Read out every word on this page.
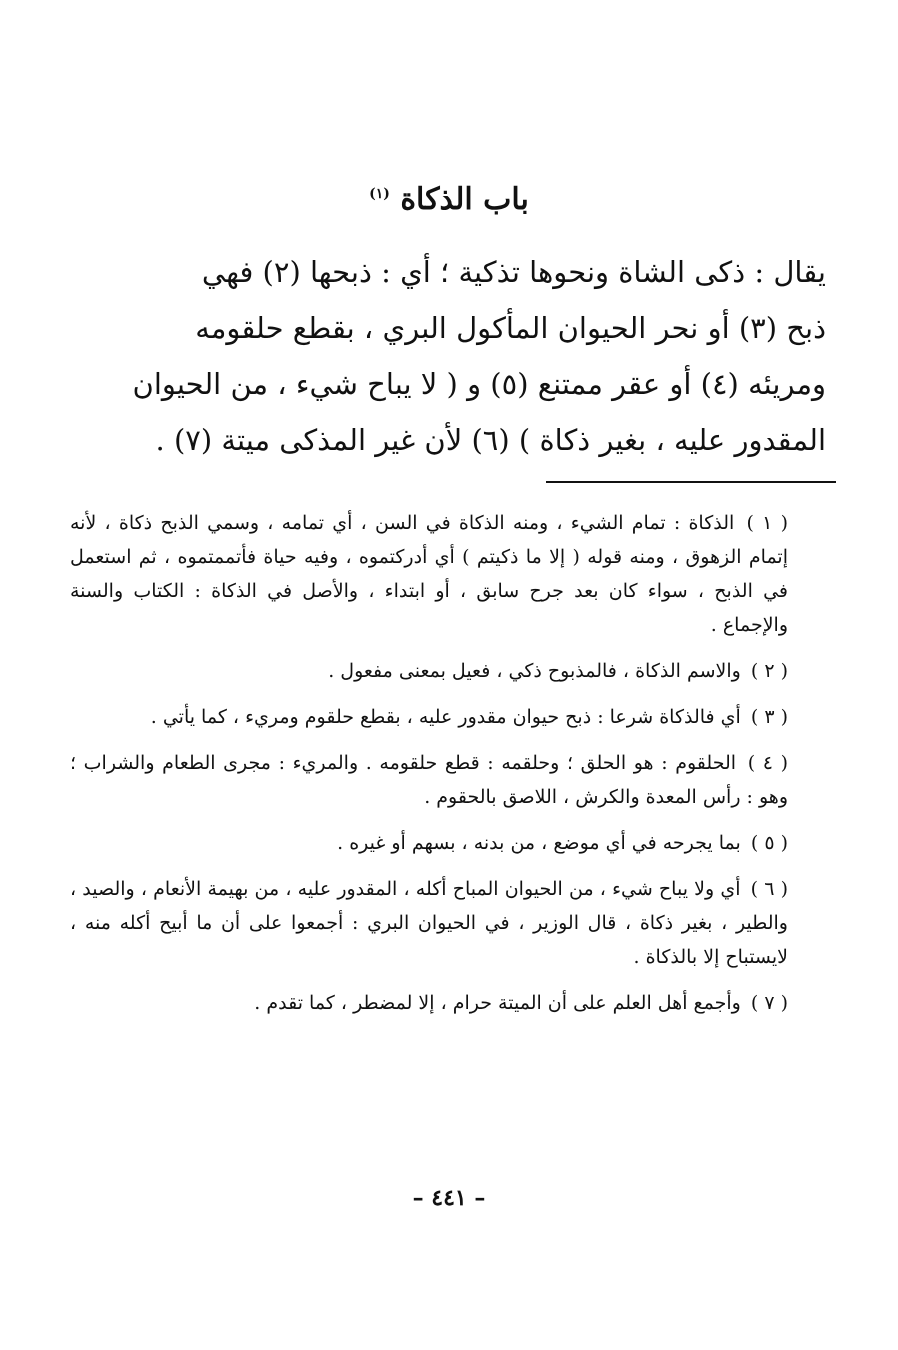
باب الذكاة $^{(١)}$
يقال : ذكى الشاة ونحوها تذكية ؛ أي : ذبحها (٢) فهي
ذبح (٣) أو نحر الحيوان المأكول البري ، بقطع حلقومه
ومريئه (٤) أو عقر ممتنع (٥) و ( لا يباح شيء ، من الحيوان
المقدور عليه ، بغير ذكاة ) (٦) لأن غير المذكى ميتة (٧) .

( ١ ) الذكاة : تمام الشيء ، ومنه الذكاة في السن ، أي تمامه ، وسمي الذبح ذكاة ، لأنه إتمام الزهوق ، ومنه قوله ( إلا ما ذكيتم ) أي أدركتموه ، وفيه حياة فأتممتموه ، ثم استعمل في الذبح ، سواء كان بعد جرح سابق ، أو ابتداء ، والأصل في الذكاة : الكتاب والسنة والإجماع .

( ٢ ) والاسم الذكاة ، فالمذبوح ذكي ، فعيل بمعنى مفعول .

( ٣ ) أي فالذكاة شرعا : ذبح حيوان مقدور عليه ، بقطع حلقوم ومريء ، كما يأتي .

( ٤ ) الحلقوم : هو الحلق ؛ وحلقمه : قطع حلقومه . والمريء : مجرى الطعام والشراب ؛ وهو : رأس المعدة والكرش ، اللاصق بالحقوم .

( ٥ ) بما يجرحه في أي موضع ، من بدنه ، بسهم أو غيره .

( ٦ ) أي ولا يباح شيء ، من الحيوان المباح أكله ، المقدور عليه ، من بهيمة الأنعام ، والصيد ، والطير ، بغير ذكاة ، قال الوزير ، في الحيوان البري : أجمعوا على أن ما أبيح أكله منه ، لايستباح إلا بالذكاة .

( ٧ ) وأجمع أهل العلم على أن الميتة حرام ، إلا لمضطر ، كما تقدم .

– ٤٤١ –
